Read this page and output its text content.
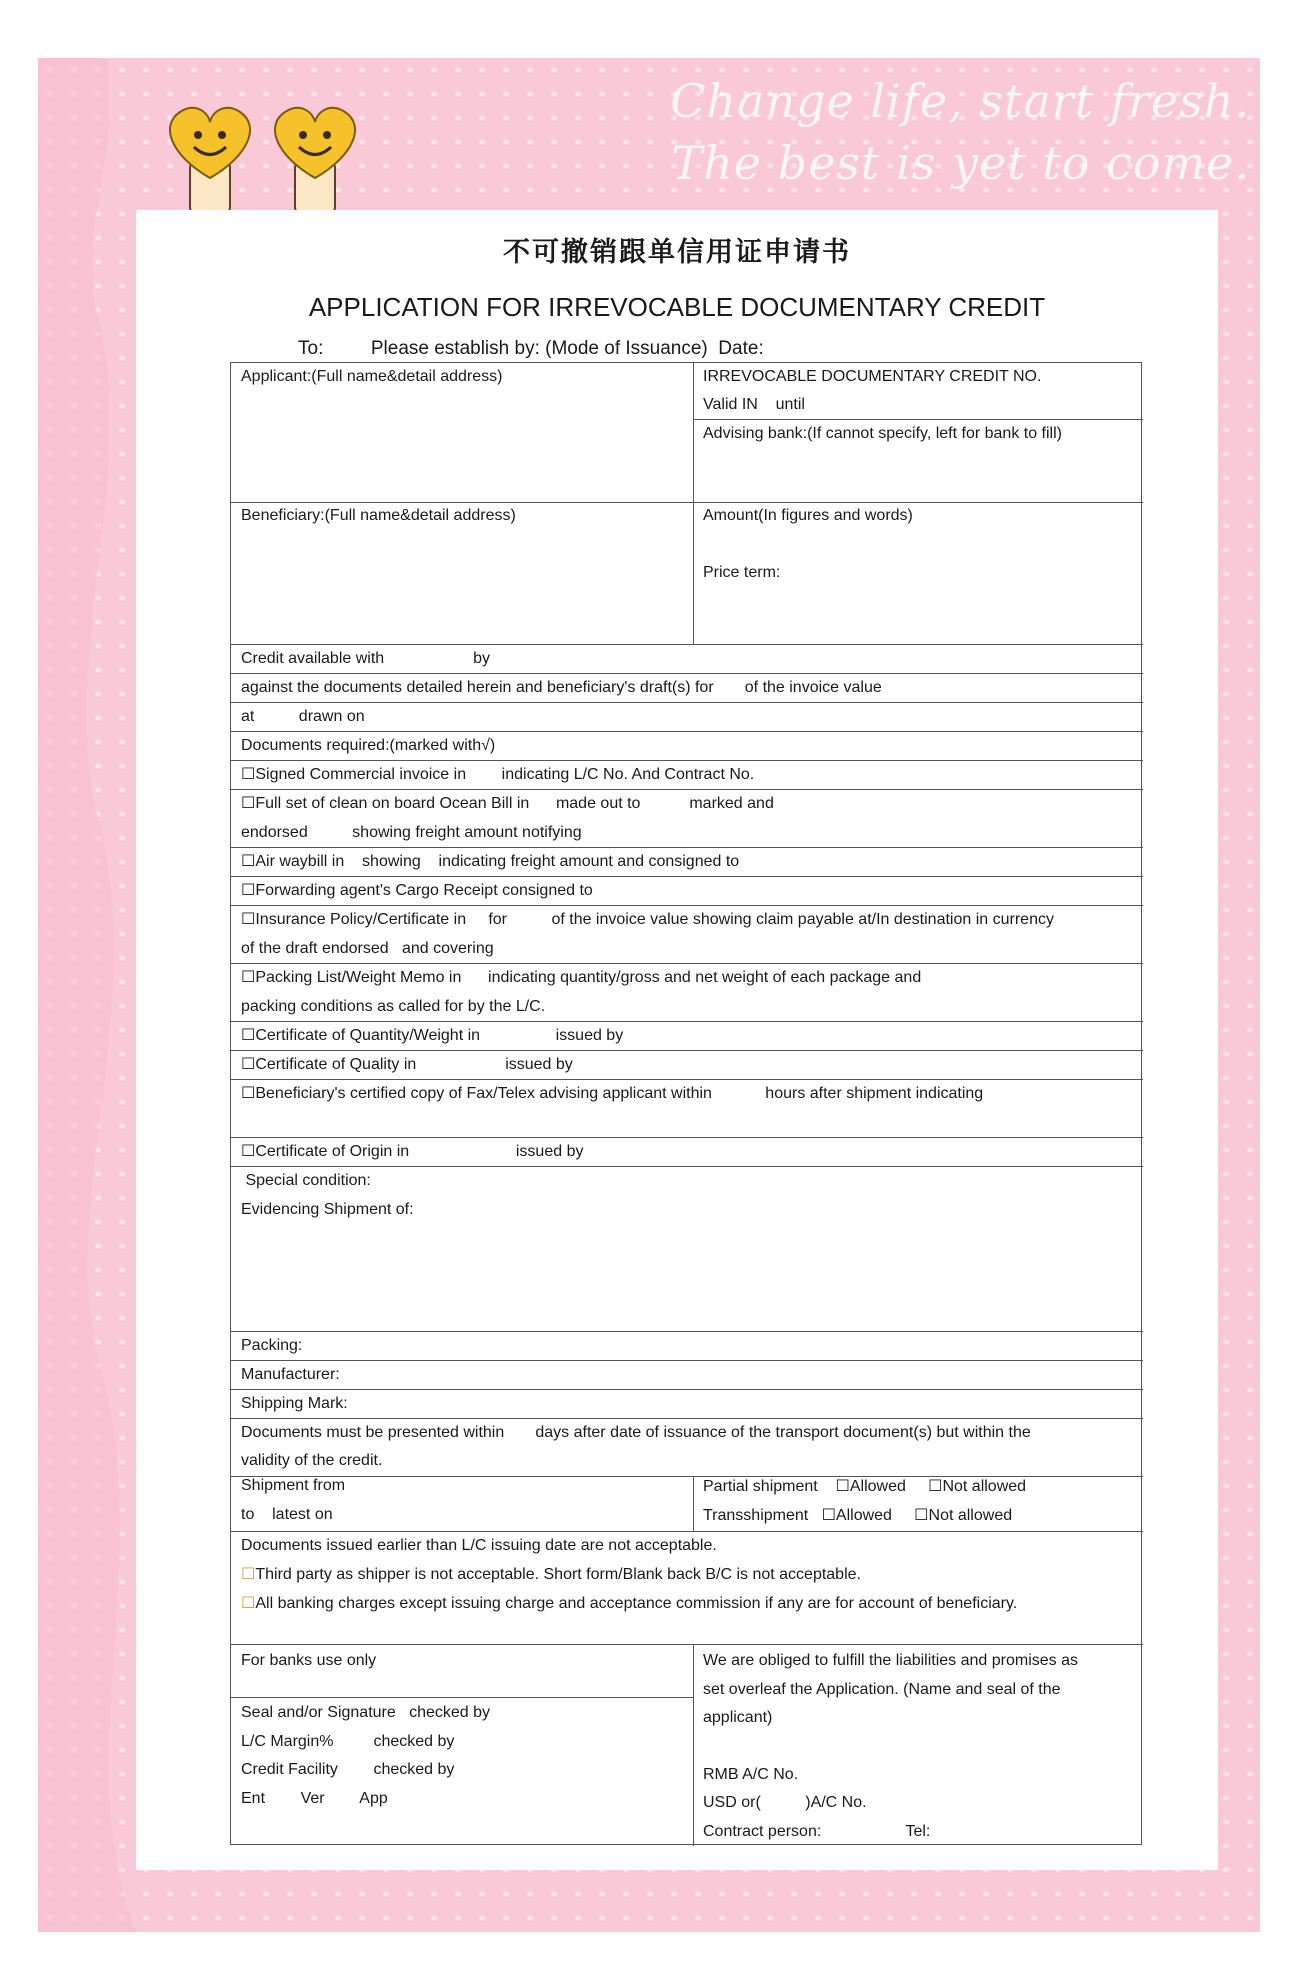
Change life, start fresh.
The best is yet to come.
不可撤销跟单信用证申请书
APPLICATION FOR IRREVOCABLE DOCUMENTARY CREDIT
To:         Please establish by: (Mode of Issuance)  Date:
Applicant:(Full name&detail address)	IRREVOCABLE DOCUMENTARY CREDIT NO.
Valid IN    until
Advising bank:(If cannot specify, left for bank to fill)
Beneficiary:(Full name&detail address)	Amount(In figures and words)
Price term:
Credit available with                    by
against the documents detailed herein and beneficiary's draft(s) for       of the invoice value
at          drawn on
Documents required:(marked with√)
☐Signed Commercial invoice in        indicating L/C No. And Contract No.
☐Full set of clean on board Ocean Bill in      made out to           marked and
endorsed          showing freight amount notifying
☐Air waybill in    showing    indicating freight amount and consigned to
☐Forwarding agent's Cargo Receipt consigned to
☐Insurance Policy/Certificate in     for          of the invoice value showing claim payable at/In destination in currency
of the draft endorsed   and covering
☐Packing List/Weight Memo in      indicating quantity/gross and net weight of each package and
packing conditions as called for by the L/C.
☐Certificate of Quantity/Weight in                 issued by
☐Certificate of Quality in                    issued by
☐Beneficiary's certified copy of Fax/Telex advising applicant within            hours after shipment indicating
☐Certificate of Origin in                        issued by
Special condition:
Evidencing Shipment of:
Packing:
Manufacturer:
Shipping Mark:
Documents must be presented within       days after date of issuance of the transport document(s) but within the
validity of the credit.
Shipment from
to    latest on
Partial shipment    ☐Allowed     ☐Not allowed
Transshipment   ☐Allowed     ☐Not allowed
Documents issued earlier than L/C issuing date are not acceptable.
☐Third party as shipper is not acceptable. Short form/Blank back B/C is not acceptable.
☐All banking charges except issuing charge and acceptance commission if any are for account of beneficiary.
For banks use only
Seal and/or Signature   checked by
L/C Margin%         checked by
Credit Facility        checked by
Ent        Ver        App
We are obliged to fulfill the liabilities and promises as
set overleaf the Application. (Name and seal of the
applicant)
RMB A/C No.
USD or(          )A/C No.
Contract person:                   Tel:
